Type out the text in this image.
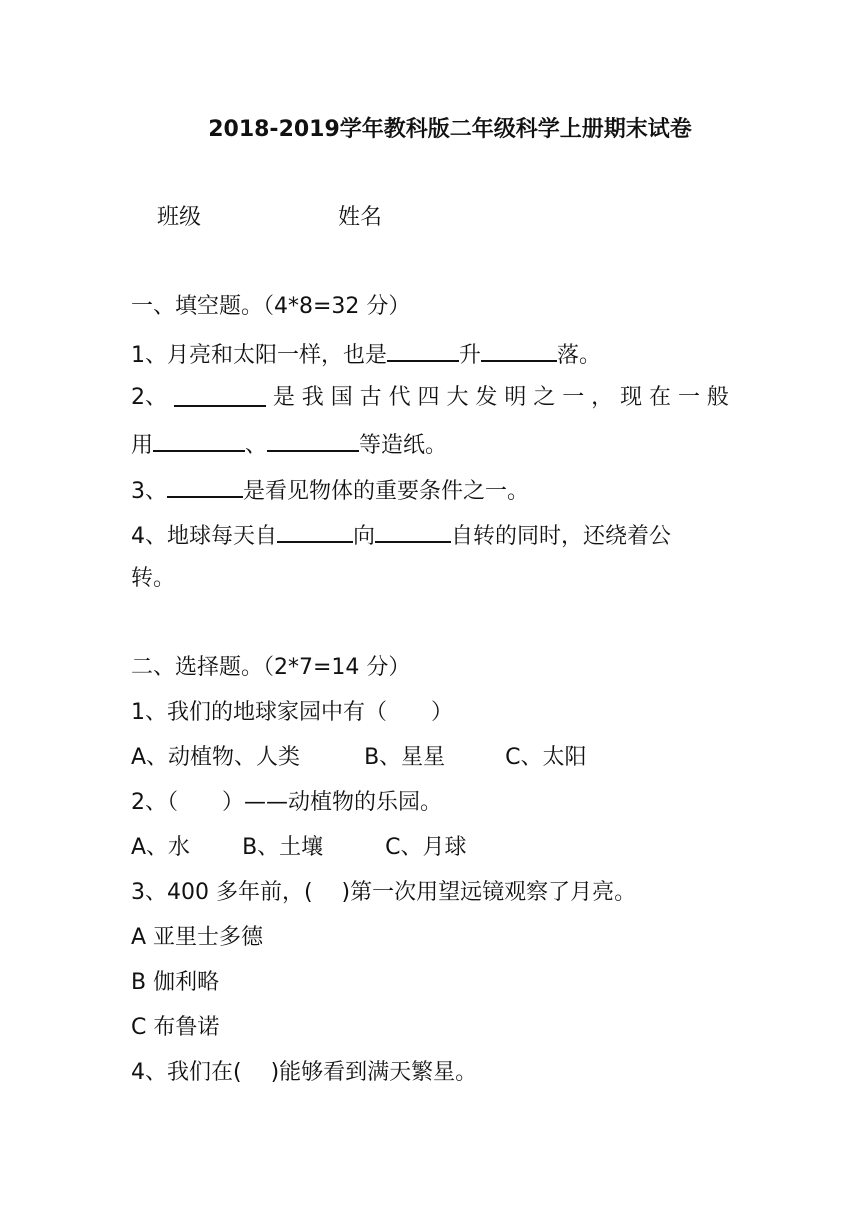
2018-2019学年教科版二年级科学上册期末试卷
班级	姓名
一、填空题。（4*8=32 分）
1、月亮和太阳一样，也是	升	落。
2、	是 我 国 古 代 四 大 发 明 之 一 ， 现 在 一 般
用	、	等造纸。
3、	是看见物体的重要条件之一。
4、地球每天自	向	自转的同时，还绕着公
转。
二、选择题。（2*7=14 分）
1、我们的地球家园中有（　　）
A、动植物、人类	B、星星	C、太阳
2、（　　）——动植物的乐园。
A、水 B、土壤	C、月球
3、400 多年前，(　 )第一次用望远镜观察了月亮。
A 亚里士多德
B 伽利略
C 布鲁诺
4、我们在(　 )能够看到满天繁星。
